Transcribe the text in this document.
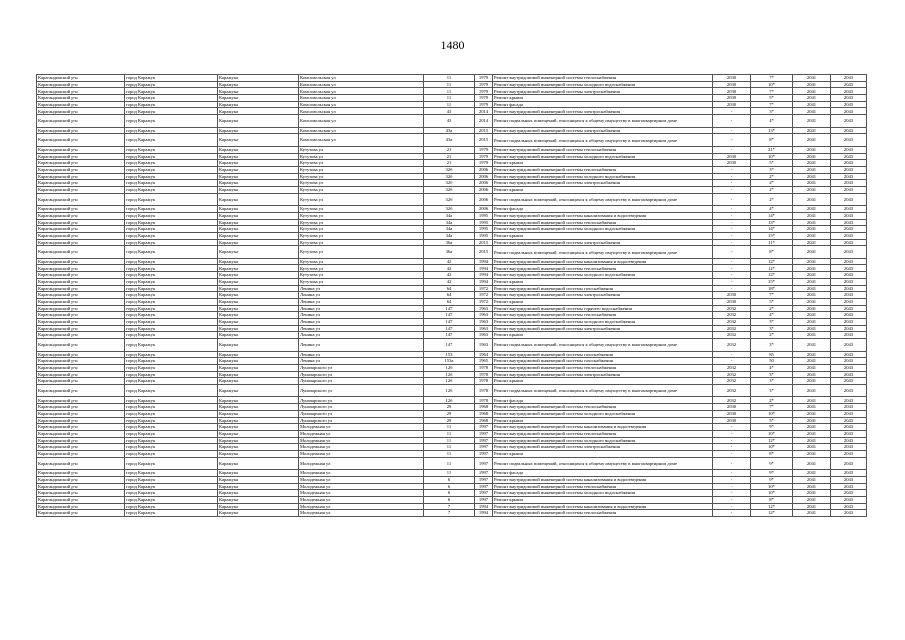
1480
Карагандинский р-н	город Каражук	Каражука	Комсомольская ул	11	1979	Ремонт внутридомовой инженерной системы теплоснабжения	2030	7*	2041	2043
Карагандинский р-н	город Каражук	Каражука	Комсомольская ул	11	1979	Ремонт внутридомовой инженерной системы холодного водоснабжения	2030	10*	2041	2043
Карагандинский р-н	город Каражук	Каражука	Комсомольская ул	11	1979	Ремонт внутридомовой инженерной системы электроснабжения	2030	7*	2041	2043
Карагандинский р-н	город Каражук	Каражука	Комсомольская ул	11	1979	Ремонт крыши	2030	5*	2041	2043
Карагандинский р-н	город Каражук	Каражука	Комсомольская ул	11	1979	Ремонт фасада	2030	7*	2041	2043
Карагандинский р-н	город Каражук	Каражука	Комсомольская ул	43	2014	Ремонт внутридомовой инженерной системы электроснабжения	-	3*	2041	2043
Карагандинский р-н	город Каражук	Каражука	Комсомольская ул	43	2014	Ремонт подвальных помещений, относящихся к общему имуществу в многоквартирном доме	-	4*	2041	2043
Карагандинский р-н	город Каражук	Каражука	Комсомольская ул	43а	2015	Ремонт внутридомовой инженерной системы электроснабжения	-	13*	2041	2043
Карагандинский р-н	город Каражук	Каражука	Комсомольская ул	43а	2015	Ремонт подвальных помещений, относящихся к общему имуществу в многоквартирном доме	-	8*	2041	2043
Карагандинский р-н	город Каражук	Каражука	Кутузова ул	21	1979	Ремонт внутридомовой инженерной системы теплоснабжения	-	21*	2041	2043
Карагандинский р-н	город Каражук	Каражука	Кутузова ул	21	1979	Ремонт внутридомовой инженерной системы холодного водоснабжения	2030	10*	2041	2043
Карагандинский р-н	город Каражук	Каражука	Кутузова ул	21	1979	Ремонт крыши	2030	5*	2041	2043
Карагандинский р-н	город Каражук	Каражука	Кутузова ул	32б	2006	Ремонт внутридомовой инженерной системы теплоснабжения	-	3*	2041	2043
Карагандинский р-н	город Каражук	Каражука	Кутузова ул	32б	2006	Ремонт внутридомовой инженерной системы холодного водоснабжения	-	2*	2041	2043
Карагандинский р-н	город Каражук	Каражука	Кутузова ул	32б	2006	Ремонт внутридомовой инженерной системы электроснабжения	-	2*	2041	2043
Карагандинский р-н	город Каражук	Каражука	Кутузова ул	32б	2006	Ремонт крыши	-	2*	2041	2043
Карагандинский р-н	город Каражук	Каражука	Кутузова ул	32б	2006	Ремонт подвальных помещений, относящихся к общему имуществу в многоквартирном доме	-	2*	2041	2043
Карагандинский р-н	город Каражук	Каражука	Кутузова ул	32б	2006	Ремонт фасада	-	4*	2041	2043
Карагандинский р-н	город Каражук	Каражука	Кутузова ул	34а	1995	Ремонт внутридомовой инженерной системы канализования и водоотведения	-	14*	2041	2043
Карагандинский р-н	город Каражук	Каражука	Кутузова ул	34а	1995	Ремонт внутридомовой инженерной системы теплоснабжения	-	13*	2041	2043
Карагандинский р-н	город Каражук	Каражука	Кутузова ул	34а	1995	Ремонт внутридомовой инженерной системы холодного водоснабжения	-	14*	2041	2043
Карагандинский р-н	город Каражук	Каражука	Кутузова ул	34а	1995	Ремонт крыши	-	15*	2041	2043
Карагандинский р-н	город Каражук	Каражука	Кутузова ул	36а	2015	Ремонт внутридомовой инженерной системы электроснабжения	-	11*	2041	2043
Карагандинский р-н	город Каражук	Каражука	Кутузова ул	36а	2015	Ремонт подвальных помещений, относящихся к общему имуществу в многоквартирном доме	-	8*	2041	2043
Карагандинский р-н	город Каражук	Каражука	Кутузова ул	42	1994	Ремонт внутридомовой инженерной системы канализования и водоотведения	-	12*	2041	2043
Карагандинский р-н	город Каражук	Каражука	Кутузова ул	42	1994	Ремонт внутридомовой инженерной системы теплоснабжения	-	12*	2041	2043
Карагандинский р-н	город Каражук	Каражука	Кутузова ул	42	1994	Ремонт внутридомовой инженерной системы холодного водоснабжения	-	12*	2041	2043
Карагандинский р-н	город Каражук	Каражука	Кутузова ул	42	1994	Ремонт крыши	-	15*	2041	2043
Карагандинский р-н	город Каражук	Каражука	Ленина ул	64	1972	Ремонт внутридомовой инженерной системы газоснабжения	-	18*	2041	2043
Карагандинский р-н	город Каражук	Каражука	Ленина ул	64	1972	Ремонт внутридомовой инженерной системы электроснабжения	2030	7*	2041	2043
Карагандинский р-н	город Каражук	Каражука	Ленина ул	64	1972	Ремонт крыши	2030	5*	2041	2043
Карагандинский р-н	город Каражук	Каражука	Ленина ул	147	1963	Ремонт внутридомовой инженерной системы горячего водоснабжения	2032	2*	2041	2043
Карагандинский р-н	город Каражук	Каражука	Ленина ул	147	1963	Ремонт внутридомовой инженерной системы теплоснабжения	2032	4*	2041	2043
Карагандинский р-н	город Каражук	Каражука	Ленина ул	147	1963	Ремонт внутридомовой инженерной системы холодного водоснабжения	2032	3*	2041	2043
Карагандинский р-н	город Каражук	Каражука	Ленина ул	147	1963	Ремонт внутридомовой инженерной системы электроснабжения	2032	3*	2041	2043
Карагандинский р-н	город Каражук	Каражука	Ленина ул	147	1963	Ремонт крыши	2032	2*	2041	2043
Карагандинский р-н	город Каражук	Каражука	Ленина ул	147	1963	Ремонт подвальных помещений, относящихся к общему имуществу в многоквартирном доме	2032	3*	2041	2043
Карагандинский р-н	город Каражук	Каражука	Ленина ул	153	1964	Ремонт внутридомовой инженерной системы газоснабжения	-	85	2041	2043
Карагандинский р-н	город Каражук	Каражука	Ленина ул	153а	1965	Ремонт внутридомовой инженерной системы газоснабжения	-	50	2041	2043
Карагандинский р-н	город Каражук	Каражука	Луначарского ул	12б	1978	Ремонт внутридомовой инженерной системы теплоснабжения	2032	4*	2041	2043
Карагандинский р-н	город Каражук	Каражука	Луначарского ул	12б	1978	Ремонт внутридомовой инженерной системы электроснабжения	2032	3*	2041	2043
Карагандинский р-н	город Каражук	Каражука	Луначарского ул	12б	1978	Ремонт крыши	2032	3*	2041	2043
Карагандинский р-н	город Каражук	Каражука	Луначарского ул	12б	1978	Ремонт подвальных помещений, относящихся к общему имуществу в многоквартирном доме	2032	3*	2041	2043
Карагандинский р-н	город Каражук	Каражука	Луначарского ул	12б	1978	Ремонт фасада	2032	2*	2041	2043
Карагандинский р-н	город Каражук	Каражука	Луначарского ул	29	1968	Ремонт внутридомовой инженерной системы теплоснабжения	2030	7*	2041	2043
Карагандинский р-н	город Каражук	Каражука	Луначарского ул	29	1968	Ремонт внутридомовой инженерной системы холодного водоснабжения	2030	10*	2041	2043
Карагандинский р-н	город Каражук	Каражука	Луначарского ул	29	1968	Ремонт крыши	2030	5*	2041	2043
Карагандинский р-н	город Каражук	Каражука	Молодежная ул	11	1997	Ремонт внутридомовой инженерной системы канализования и водоотведения	-	9*	2041	2043
Карагандинский р-н	город Каражук	Каражука	Молодежная ул	11	1997	Ремонт внутридомовой инженерной системы теплоснабжения	-	10*	2041	2043
Карагандинский р-н	город Каражук	Каражука	Молодежная ул	11	1997	Ремонт внутридомовой инженерной системы холодного водоснабжения	-	12*	2041	2043
Карагандинский р-н	город Каражук	Каражука	Молодежная ул	11	1997	Ремонт внутридомовой инженерной системы электроснабжения	-	10*	2041	2043
Карагандинский р-н	город Каражук	Каражука	Молодежная ул	11	1997	Ремонт крыши	-	8*	2041	2043
Карагандинский р-н	город Каражук	Каражука	Молодежная ул	11	1997	Ремонт подвальных помещений, относящихся к общему имуществу в многоквартирном доме	-	9*	2041	2043
Карагандинский р-н	город Каражук	Каражука	Молодежная ул	11	1997	Ремонт фасада	-	9*	2041	2043
Карагандинский р-н	город Каражук	Каражука	Молодежная ул	6	1997	Ремонт внутридомовой инженерной системы канализования и водоотведения	-	9*	2041	2043
Карагандинский р-н	город Каражук	Каражука	Молодежная ул	6	1997	Ремонт внутридомовой инженерной системы теплоснабжения	-	10*	2041	2043
Карагандинский р-н	город Каражук	Каражука	Молодежная ул	6	1997	Ремонт внутридомовой инженерной системы холодного водоснабжения	-	10*	2041	2043
Карагандинский р-н	город Каражук	Каражука	Молодежная ул	6	1997	Ремонт крыши	-	8*	2041	2043
Карагандинский р-н	город Каражук	Каражука	Молодежная ул	7	1994	Ремонт внутридомовой инженерной системы канализования и водоотведения	-	12*	2041	2043
Карагандинский р-н	город Каражук	Каражука	Молодежная ул	7	1994	Ремонт внутридомовой инженерной системы теплоснабжения	-	12*	2041	2043
